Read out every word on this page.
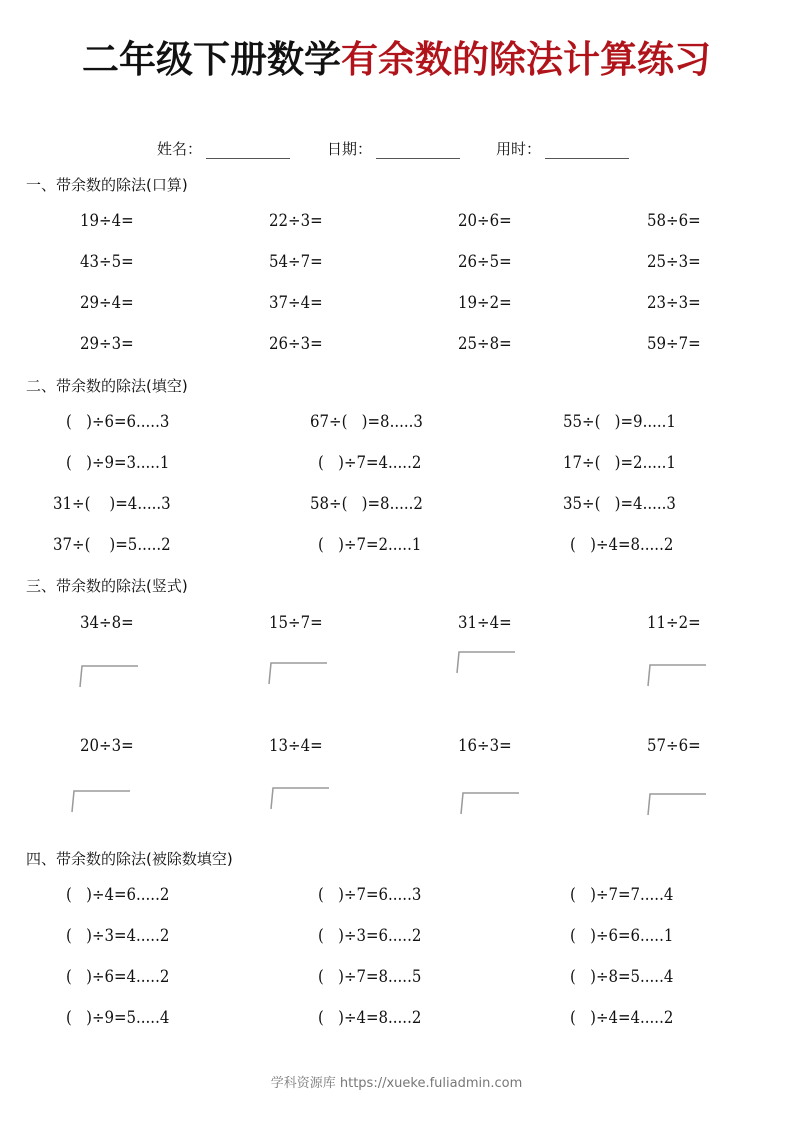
二年级下册数学有余数的除法计算练习
姓名：	日期：	用时：
一、带余数的除法(口算)
19÷4=	22÷3=	20÷6=	58÷6=
43÷5=	54÷7=	26÷5=	25÷3=
29÷4=	37÷4=	19÷2=	23÷3=
29÷3=	26÷3=	25÷8=	59÷7=
二、带余数的除法(填空)
(   )÷6=6.....3	67÷(   )=8.....3	55÷(   )=9.....1
(   )÷9=3.....1	(   )÷7=4.....2	17÷(   )=2.....1
31÷(    )=4.....3	58÷(   )=8.....2	35÷(   )=4.....3
37÷(    )=5.....2	(   )÷7=2.....1	(   )÷4=8.....2
三、带余数的除法(竖式)
34÷8=	15÷7=	31÷4=	11÷2=
20÷3=	13÷4=	16÷3=	57÷6=
四、带余数的除法(被除数填空)
(   )÷4=6.....2	(   )÷7=6.....3	(   )÷7=7.....4
(   )÷3=4.....2	(   )÷3=6.....2	(   )÷6=6.....1
(   )÷6=4.....2	(   )÷7=8.....5	(   )÷8=5.....4
(   )÷9=5.....4	(   )÷4=8.....2	(   )÷4=4.....2
学科资源库 https://xueke.fuliadmin.com
